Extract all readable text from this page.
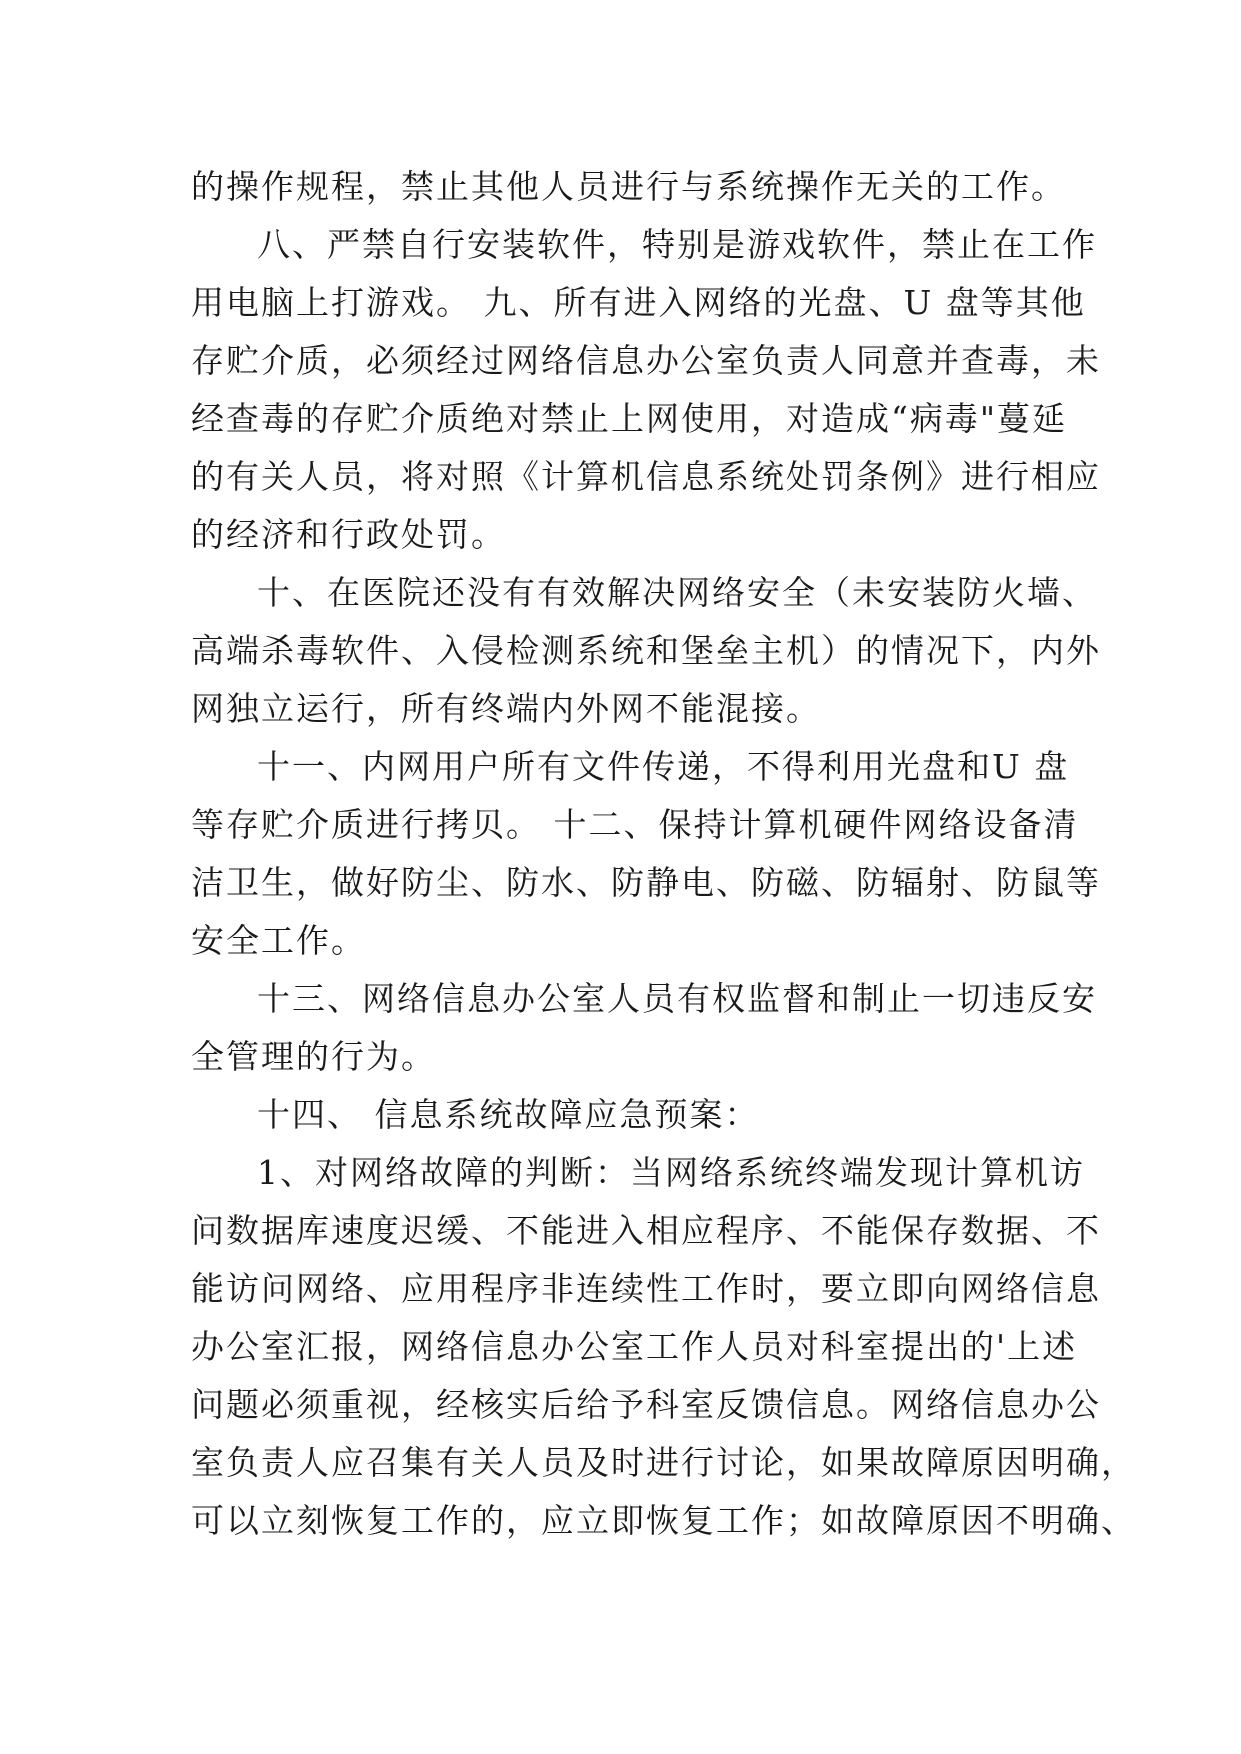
的操作规程，禁止其他人员进行与系统操作无关的工作。
八、严禁自行安装软件，特别是游戏软件，禁止在工作
用电脑上打游戏。 九、所有进入网络的光盘、U 盘等其他
存贮介质，必须经过网络信息办公室负责人同意并查毒，未
经查毒的存贮介质绝对禁止上网使用，对造成“病毒"蔓延
的有关人员，将对照《计算机信息系统处罚条例》进行相应
的经济和行政处罚。
十、在医院还没有有效解决网络安全（未安装防火墙、
高端杀毒软件、入侵检测系统和堡垒主机）的情况下，内外
网独立运行，所有终端内外网不能混接。
十一、内网用户所有文件传递，不得利用光盘和U 盘
等存贮介质进行拷贝。 十二、保持计算机硬件网络设备清
洁卫生，做好防尘、防水、防静电、防磁、防辐射、防鼠等
安全工作。
十三、网络信息办公室人员有权监督和制止一切违反安
全管理的行为。
十四、 信息系统故障应急预案：
1、对网络故障的判断：当网络系统终端发现计算机访
问数据库速度迟缓、不能进入相应程序、不能保存数据、不
能访问网络、应用程序非连续性工作时，要立即向网络信息
办公室汇报，网络信息办公室工作人员对科室提出的'上述
问题必须重视，经核实后给予科室反馈信息。网络信息办公
室负责人应召集有关人员及时进行讨论，如果故障原因明确，
可以立刻恢复工作的，应立即恢复工作；如故障原因不明确、
